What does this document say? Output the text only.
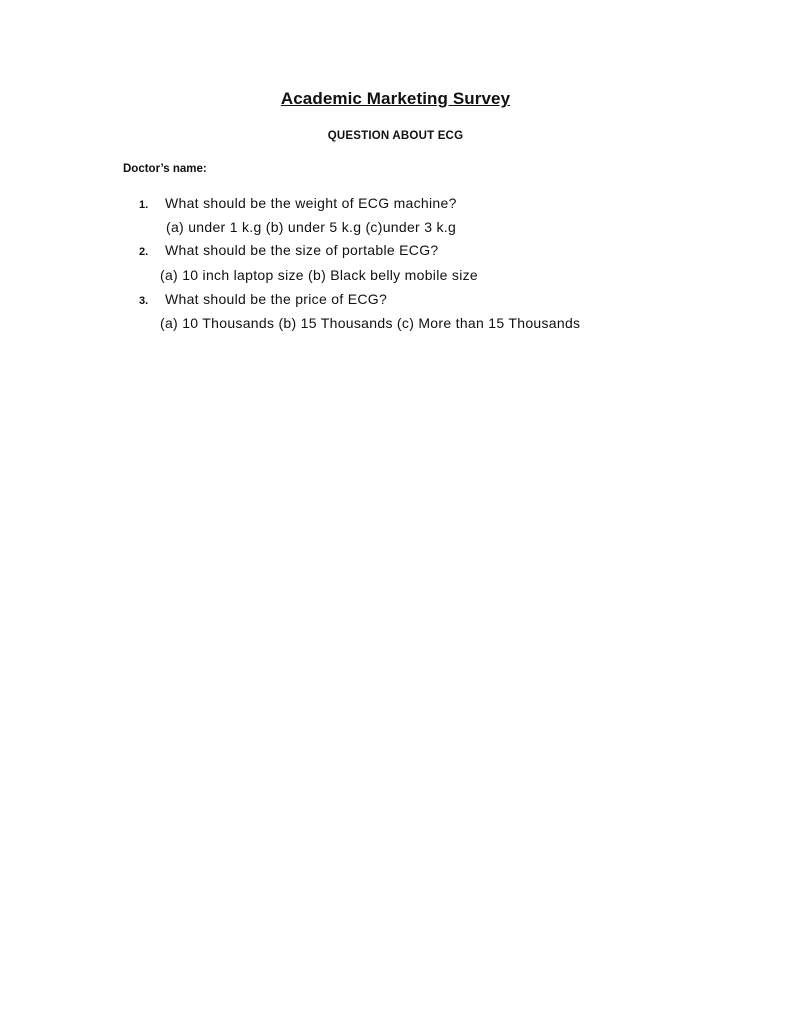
Academic Marketing Survey
QUESTION ABOUT ECG
Doctor’s name:
1. What should be the weight of ECG machine?
(a) under 1 k.g (b) under 5 k.g (c)under 3 k.g
2. What should be the size of portable ECG?
(a) 10 inch laptop size (b) Black belly mobile size
3. What should be the price of ECG?
(a) 10 Thousands (b) 15 Thousands (c) More than 15 Thousands
